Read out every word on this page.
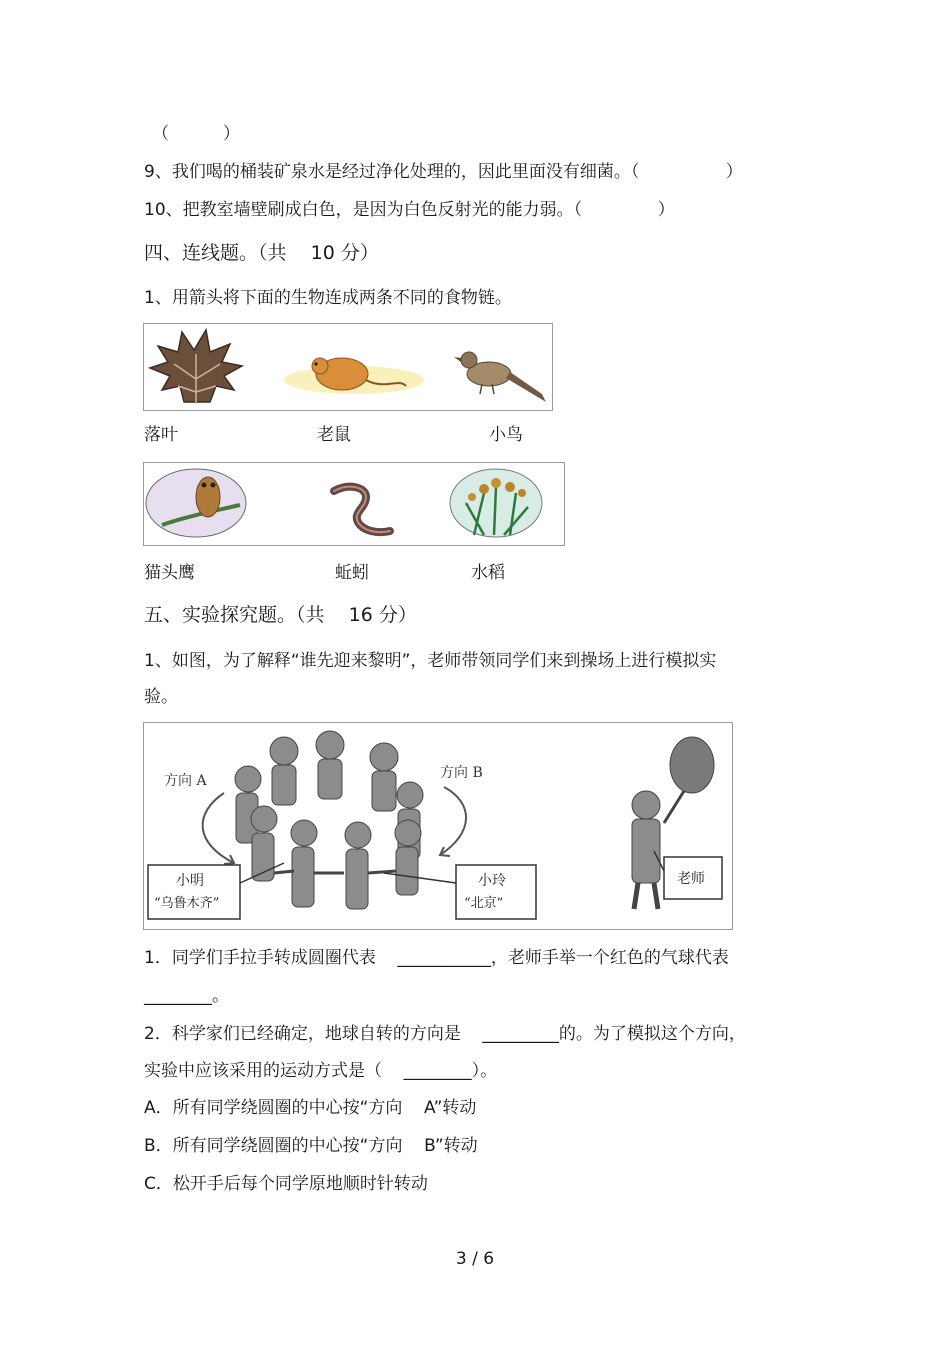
（          ）
9、我们喝的桶装矿泉水是经过净化处理的，因此里面没有细菌。（                ）
10、把教室墙壁刷成白色，是因为白色反射光的能力弱。（              ）
四、连线题。（共    10 分）
1、用箭头将下面的生物连成两条不同的食物链。
落叶	老鼠	小鸟
猫头鹰	蚯蚓	水稻
五、实验探究题。（共    16 分）
1、如图，为了解释“谁先迎来黎明”，老师带领同学们来到操场上进行模拟实
验。
方向 A	方向 B
小明
“乌鲁木齐”
小玲
“北京”
老师
1．同学们手拉手转成圆圈代表    ___________，老师手举一个红色的气球代表
________。
2．科学家们已经确定，地球自转的方向是    _________的。为了模拟这个方向，
实验中应该采用的运动方式是（    ________）。
A．所有同学绕圆圈的中心按“方向    A”转动
B．所有同学绕圆圈的中心按“方向    B”转动
C．松开手后每个同学原地顺时针转动
3 / 6
